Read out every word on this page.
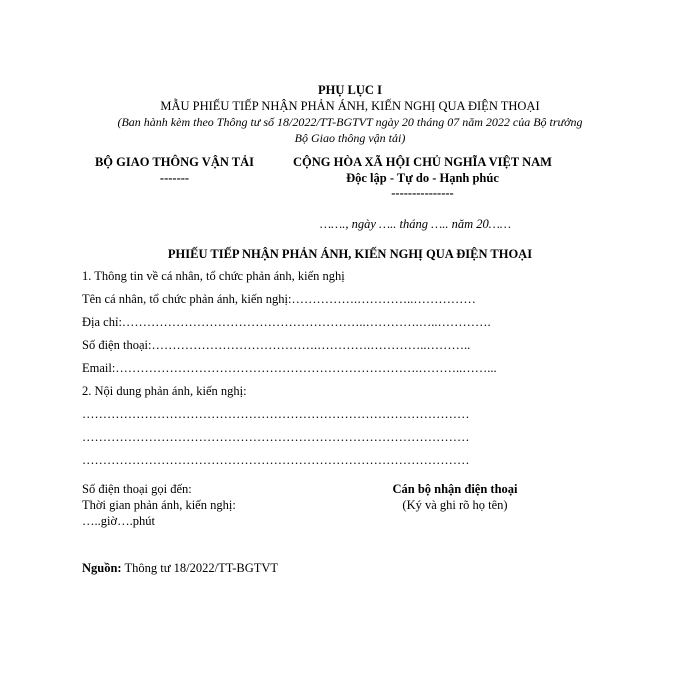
PHỤ LỤC I
MẪU PHIẾU TIẾP NHẬN PHẢN ÁNH, KIẾN NGHỊ QUA ĐIỆN THOẠI
(Ban hành kèm theo Thông tư số 18/2022/TT-BGTVT ngày 20 tháng 07 năm 2022 của Bộ trưởng
Bộ Giao thông vận tải)
BỘ GIAO THÔNG VẬN TẢI
-------
CỘNG HÒA XÃ HỘI CHỦ NGHĨA VIỆT NAM
Độc lập - Tự do - Hạnh phúc
---------------
……., ngày ….. tháng ….. năm 20……
PHIẾU TIẾP NHẬN PHẢN ÁNH, KIẾN NGHỊ QUA ĐIỆN THOẠI
1. Thông tin về cá nhân, tổ chức phản ánh, kiến nghị
Tên cá nhân, tổ chức phản ánh, kiến nghị:…………….…………..……………
Địa chỉ:…………………………………………………..………….…..………….
Số điện thoại:………………………………….………….…………..………..
Email:……………………………………………………………….………..……...
2. Nội dung phản ánh, kiến nghị:
…………………………………………………………………………………
…………………………………………………………………………………
…………………………………………………………………………………
Số điện thoại gọi đến:
Thời gian phản ánh, kiến nghị:
…..giờ….phút
Cán bộ nhận điện thoại
(Ký và ghi rõ họ tên)
Nguồn: Thông tư 18/2022/TT-BGTVT
